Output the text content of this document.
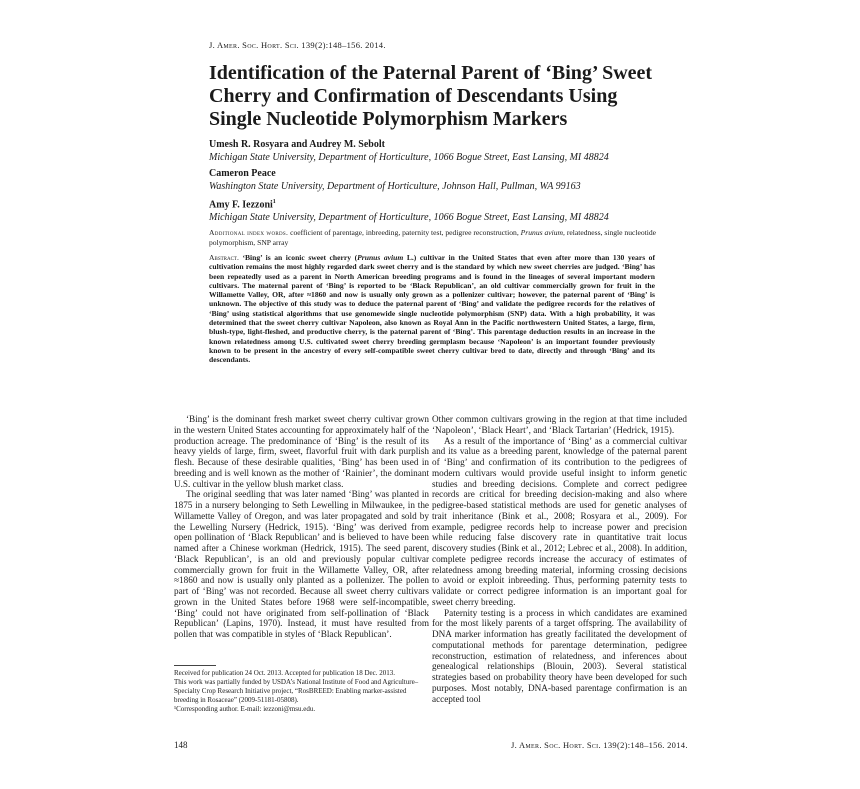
J. Amer. Soc. Hort. Sci. 139(2):148–156. 2014.
Identification of the Paternal Parent of ‘Bing’ Sweet Cherry and Confirmation of Descendants Using Single Nucleotide Polymorphism Markers
Umesh R. Rosyara and Audrey M. Sebolt
Michigan State University, Department of Horticulture, 1066 Bogue Street, East Lansing, MI 48824
Cameron Peace
Washington State University, Department of Horticulture, Johnson Hall, Pullman, WA 99163
Amy F. Iezzoni$^1$
Michigan State University, Department of Horticulture, 1066 Bogue Street, East Lansing, MI 48824
Additional index words. coefficient of parentage, inbreeding, paternity test, pedigree reconstruction, Prunus avium, relatedness, single nucleotide polymorphism, SNP array
Abstract. ‘Bing’ is an iconic sweet cherry (Prunus avium L.) cultivar in the United States that even after more than 130 years of cultivation remains the most highly regarded dark sweet cherry and is the standard by which new sweet cherries are judged. ‘Bing’ has been repeatedly used as a parent in North American breeding programs and is found in the lineages of several important modern cultivars. The maternal parent of ‘Bing’ is reported to be ‘Black Republican’, an old cultivar commercially grown for fruit in the Willamette Valley, OR, after ≈1860 and now is usually only grown as a pollenizer cultivar; however, the paternal parent of ‘Bing’ is unknown. The objective of this study was to deduce the paternal parent of ‘Bing’ and validate the pedigree records for the relatives of ‘Bing’ using statistical algorithms that use genomewide single nucleotide polymorphism (SNP) data. With a high probability, it was determined that the sweet cherry cultivar Napoleon, also known as Royal Ann in the Pacific northwestern United States, a large, firm, blush-type, light-fleshed, and productive cherry, is the paternal parent of ‘Bing’. This parentage deduction results in an increase in the known relatedness among U.S. cultivated sweet cherry breeding germplasm because ‘Napoleon’ is an important founder previously known to be present in the ancestry of every self-compatible sweet cherry cultivar bred to date, directly and through ‘Bing’ and its descendants.

‘Bing’ is the dominant fresh market sweet cherry cultivar grown in the western United States accounting for approximately half of the production acreage. The predominance of ‘Bing’ is the result of its heavy yields of large, firm, sweet, flavorful fruit with dark purplish flesh. Because of these desirable qualities, ‘Bing’ has been used in breeding and is well known as the mother of ‘Rainier’, the dominant U.S. cultivar in the yellow blush market class.

The original seedling that was later named ‘Bing’ was planted in 1875 in a nursery belonging to Seth Lewelling in Milwaukee, in the Willamette Valley of Oregon, and was later propagated and sold by the Lewelling Nursery (Hedrick, 1915). ‘Bing’ was derived from open pollination of ‘Black Republican’ and is believed to have been named after a Chinese workman (Hedrick, 1915). The seed parent, ‘Black Republican’, is an old and previously popular cultivar commercially grown for fruit in the Willamette Valley, OR, after ≈1860 and now is usually only planted as a pollenizer. The pollen part of ‘Bing’ was not recorded. Because all sweet cherry cultivars grown in the United States before 1968 were self-incompatible, ‘Bing’ could not have originated from self-pollination of ‘Black Republican’ (Lapins, 1970). Instead, it must have resulted from pollen that was compatible in styles of ‘Black Republican’.

Other common cultivars growing in the region at that time included ‘Napoleon’, ‘Black Heart’, and ‘Black Tartarian’ (Hedrick, 1915).

As a result of the importance of ‘Bing’ as a commercial cultivar and its value as a breeding parent, knowledge of the paternal parent of ‘Bing’ and confirmation of its contribution to the pedigrees of modern cultivars would provide useful insight to inform genetic studies and breeding decisions. Complete and correct pedigree records are critical for breeding decision-making and also where pedigree-based statistical methods are used for genetic analyses of trait inheritance (Bink et al., 2008; Rosyara et al., 2009). For example, pedigree records help to increase power and precision while reducing false discovery rate in quantitative trait locus discovery studies (Bink et al., 2012; Lebrec et al., 2008). In addition, complete pedigree records increase the accuracy of estimates of relatedness among breeding material, informing crossing decisions to avoid or exploit inbreeding. Thus, performing paternity tests to validate or correct pedigree information is an important goal for sweet cherry breeding.

Paternity testing is a process in which candidates are examined for the most likely parents of a target offspring. The availability of DNA marker information has greatly facilitated the development of computational methods for parentage determination, pedigree reconstruction, estimation of relatedness, and inferences about genealogical relationships (Blouin, 2003). Several statistical strategies based on probability theory have been developed for such purposes. Most notably, DNA-based parentage confirmation is an accepted tool

Received for publication 24 Oct. 2013. Accepted for publication 18 Dec. 2013.

This work was partially funded by USDA’s National Institute of Food and Agriculture–Specialty Crop Research Initiative project, “RosBREED: Enabling marker-assisted breeding in Rosaceae” (2009-51181-05808).

¹Corresponding author. E-mail: iezzoni@msu.edu.

148	J. Amer. Soc. Hort. Sci. 139(2):148–156. 2014.
